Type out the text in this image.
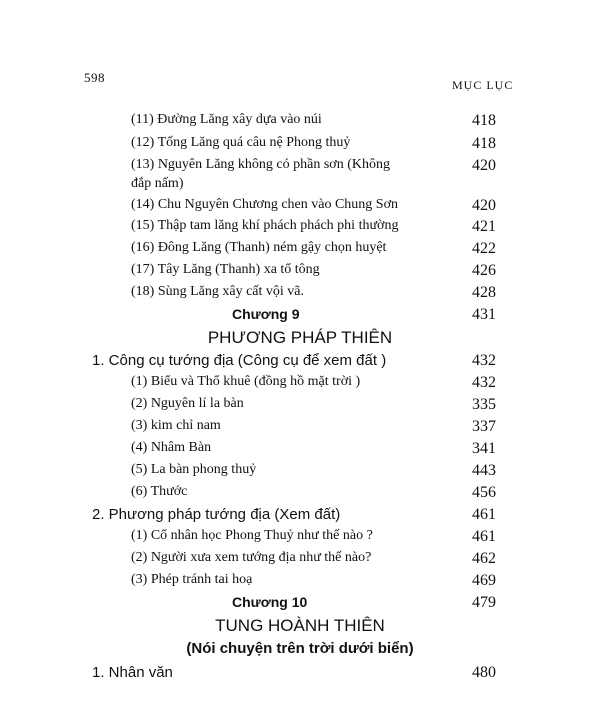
598	MỤC LỤC
(11) Đường Lăng xây dựa vào núi	418
(12) Tống Lăng quá câu nệ Phong thuỷ	418
(13) Nguyên Lăng không có phần sơn (Không	420
đắp nấm)
(14) Chu Nguyên Chương chen vào Chung Sơn	420
(15) Thập tam lăng khí phách phách phi thường	421
(16) Đông Lăng (Thanh) ném gậy chọn huyệt	422
(17) Tây Lăng (Thanh) xa tổ tông	426
(18) Sùng Lăng xây cất vội vã.	428
Chương 9	431
PHƯƠNG PHÁP THIÊN
1. Công cụ tướng địa (Công cụ để xem đất )	432
(1) Biểu và Thổ khuê (đồng hồ mặt trời )	432
(2) Nguyên lí la bàn	335
(3) kim chỉ nam	337
(4) Nhâm Bàn	341
(5) La bàn phong thuỷ	443
(6) Thước	456
2. Phương pháp tướng địa (Xem đất)	461
(1) Cổ nhân học Phong Thuỷ như thế nào ?	461
(2) Người xưa xem tướng địa như thế nào?	462
(3) Phép tránh tai hoạ	469
Chương 10	479
TUNG HOÀNH THIÊN
(Nói chuyện trên trời dưới biển)
1. Nhân văn	480
